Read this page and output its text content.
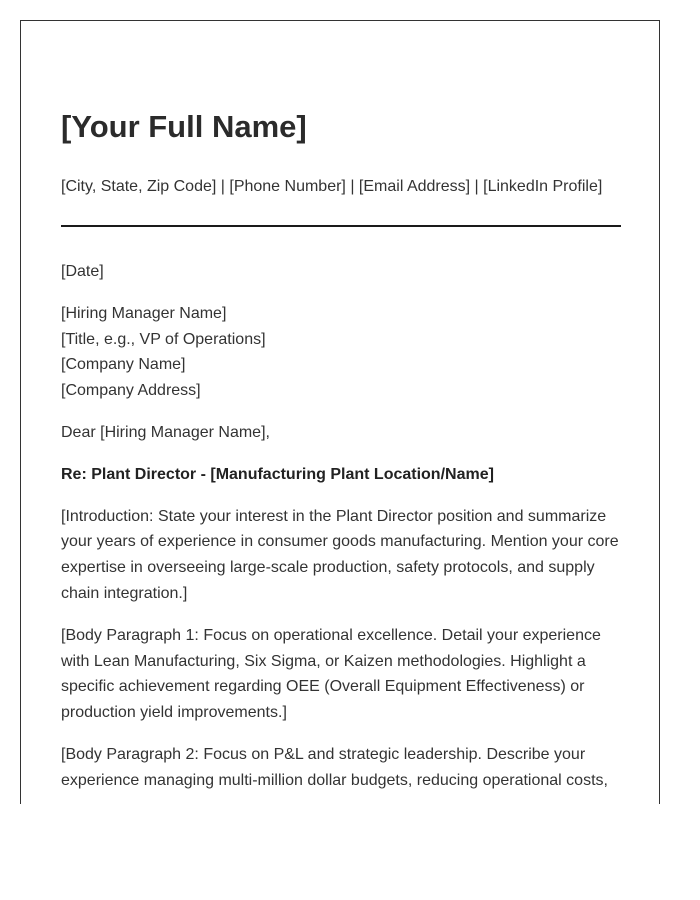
[Your Full Name]
[City, State, Zip Code] | [Phone Number] | [Email Address] | [LinkedIn Profile]
[Date]
[Hiring Manager Name]
[Title, e.g., VP of Operations]
[Company Name]
[Company Address]
Dear [Hiring Manager Name],
Re: Plant Director - [Manufacturing Plant Location/Name]
[Introduction: State your interest in the Plant Director position and summarize your years of experience in consumer goods manufacturing. Mention your core expertise in overseeing large-scale production, safety protocols, and supply chain integration.]
[Body Paragraph 1: Focus on operational excellence. Detail your experience with Lean Manufacturing, Six Sigma, or Kaizen methodologies. Highlight a specific achievement regarding OEE (Overall Equipment Effectiveness) or production yield improvements.]
[Body Paragraph 2: Focus on P&L and strategic leadership. Describe your experience managing multi-million dollar budgets, reducing operational costs,
